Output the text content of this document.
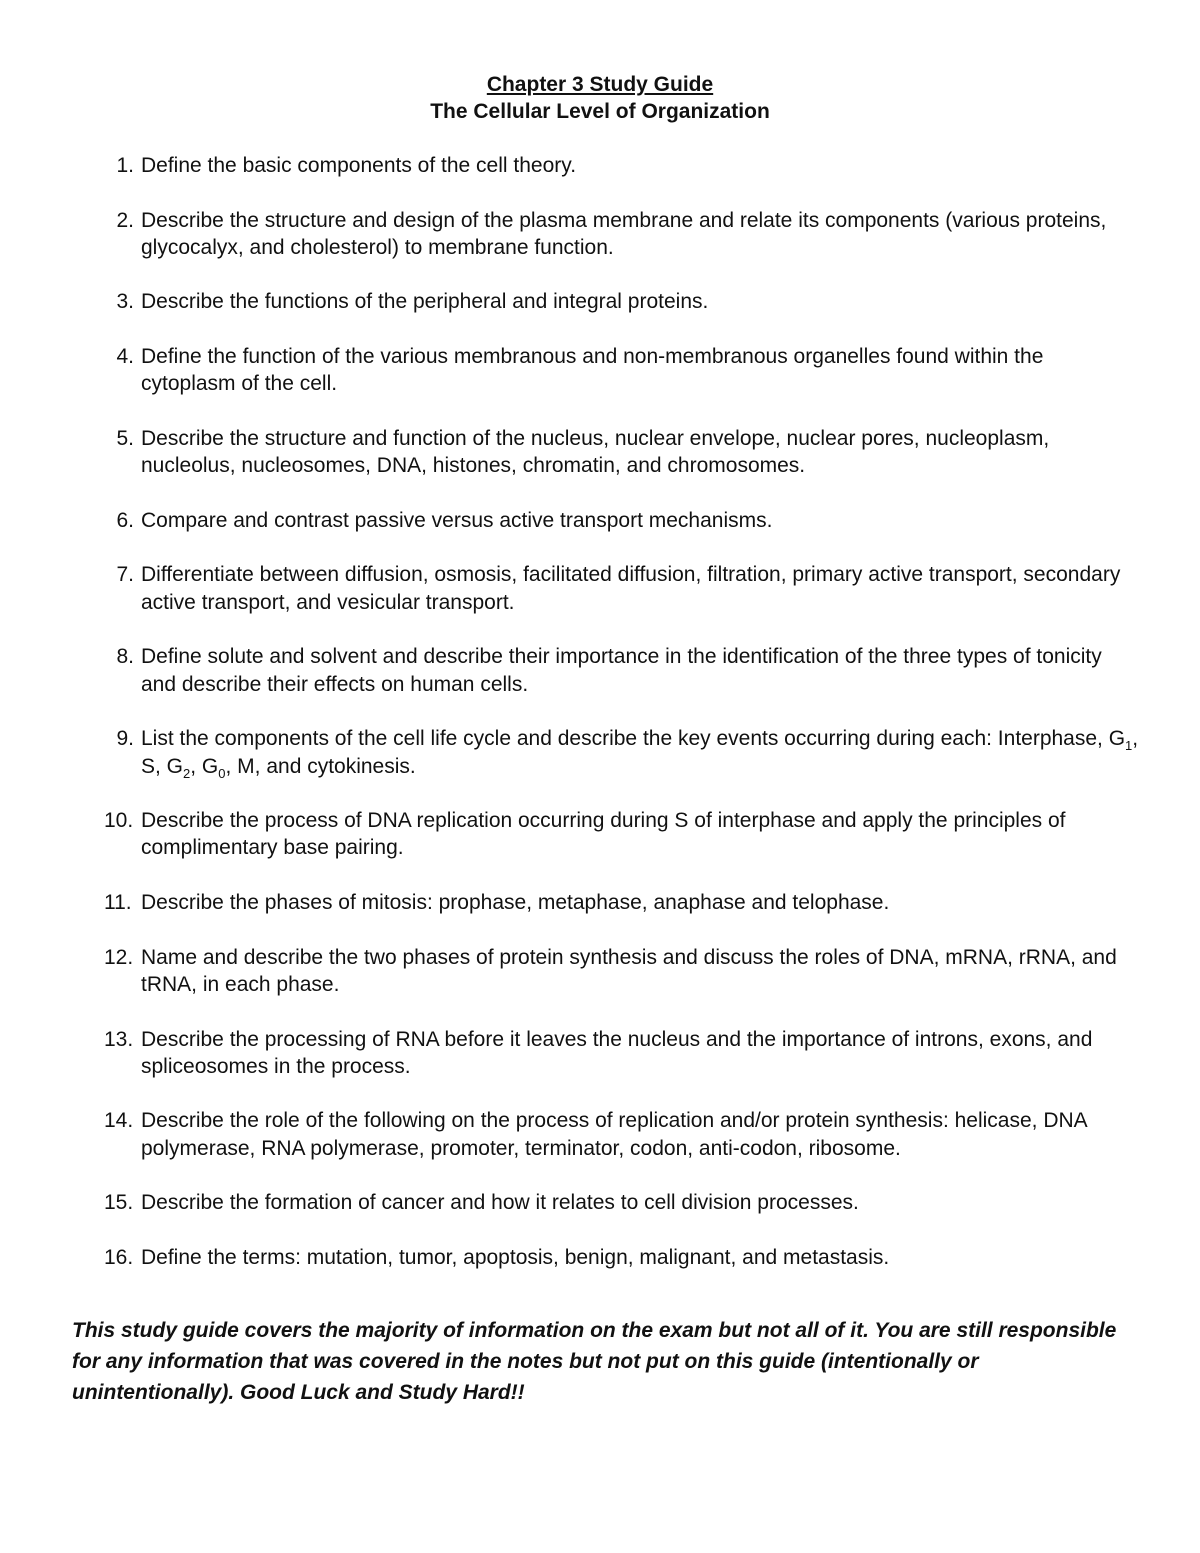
Chapter 3 Study Guide
The Cellular Level of Organization
1. Define the basic components of the cell theory.
2. Describe the structure and design of the plasma membrane and relate its components (various proteins, glycocalyx, and cholesterol) to membrane function.
3. Describe the functions of the peripheral and integral proteins.
4. Define the function of the various membranous and non-membranous organelles found within the cytoplasm of the cell.
5. Describe the structure and function of the nucleus, nuclear envelope, nuclear pores, nucleoplasm, nucleolus, nucleosomes, DNA, histones, chromatin, and chromosomes.
6. Compare and contrast passive versus active transport mechanisms.
7. Differentiate between diffusion, osmosis, facilitated diffusion, filtration, primary active transport, secondary active transport, and vesicular transport.
8. Define solute and solvent and describe their importance in the identification of the three types of tonicity and describe their effects on human cells.
9. List the components of the cell life cycle and describe the key events occurring during each: Interphase, $G_1$, S, $G_2$, $G_0$, M, and cytokinesis.
10. Describe the process of DNA replication occurring during S of interphase and apply the principles of complimentary base pairing.
11. Describe the phases of mitosis: prophase, metaphase, anaphase and telophase.
12. Name and describe the two phases of protein synthesis and discuss the roles of DNA, mRNA, rRNA, and tRNA, in each phase.
13. Describe the processing of RNA before it leaves the nucleus and the importance of introns, exons, and spliceosomes in the process.
14. Describe the role of the following on the process of replication and/or protein synthesis: helicase, DNA polymerase, RNA polymerase, promoter, terminator, codon, anti-codon, ribosome.
15. Describe the formation of cancer and how it relates to cell division processes.
16. Define the terms: mutation, tumor, apoptosis, benign, malignant, and metastasis.
This study guide covers the majority of information on the exam but not all of it. You are still responsible for any information that was covered in the notes but not put on this guide (intentionally or unintentionally). Good Luck and Study Hard!!
